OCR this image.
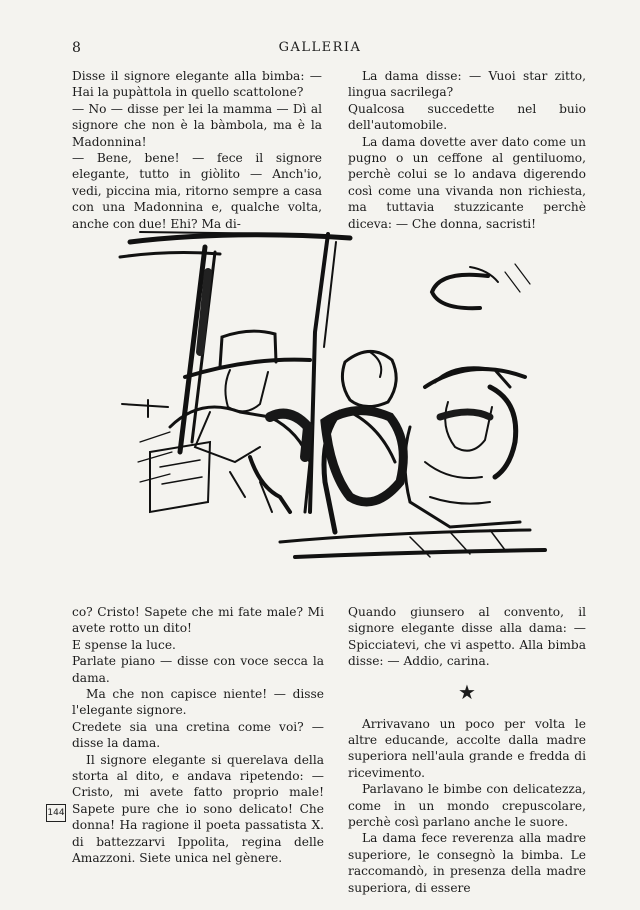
8	GALLERIA

Disse il signore elegante alla bimba: — Hai la pupàttola in quello scattolone?

— No — disse per lei la mamma — Dì al signore che non è la bàmbola, ma è la Madonnina!

— Bene, bene! — fece il signore elegante, tutto in giòlito — Anch'io, vedi, piccina mia, ritorno sempre a casa con una Madonnina e, qualche volta, anche con due! Ehi? Ma di-

La dama disse: — Vuoi star zitto, lingua sacrilega?

Qualcosa succedette nel buio dell'automobile.

La dama dovette aver dato come un pugno o un ceffone al gentiluomo, perchè colui se lo andava digerendo così come una vivanda non richiesta, ma tuttavia stuzzicante perchè diceva: — Che donna, sacristi!

co? Cristo! Sapete che mi fate male? Mi avete rotto un dito!

E spense la luce.

Parlate piano — disse con voce secca la dama.

Ma che non capisce niente! — disse l'elegante signore.

Credete sia una cretina come voi? — disse la dama.

Il signore elegante si querelava della storta al dito, e andava ripetendo: — Cristo, mi avete fatto proprio male! Sapete pure che io sono delicato! Che donna! Ha ragione il poeta passatista X. di battezzarvi Ippolita, regina delle Amazzoni. Siete unica nel gènere.

Quando giunsero al convento, il signore elegante disse alla dama: — Spicciatevi, che vi aspetto. Alla bimba disse: — Addio, carina.

★

Arrivavano un poco per volta le altre educande, accolte dalla madre superiora nell'aula grande e fredda di ricevimento.

Parlavano le bimbe con delicatezza, come in un mondo crepuscolare, perchè così parlano anche le suore.

La dama fece reverenza alla madre superiore, le consegnò la bimba. Le raccomandò, in presenza della madre superiora, di essere

144
